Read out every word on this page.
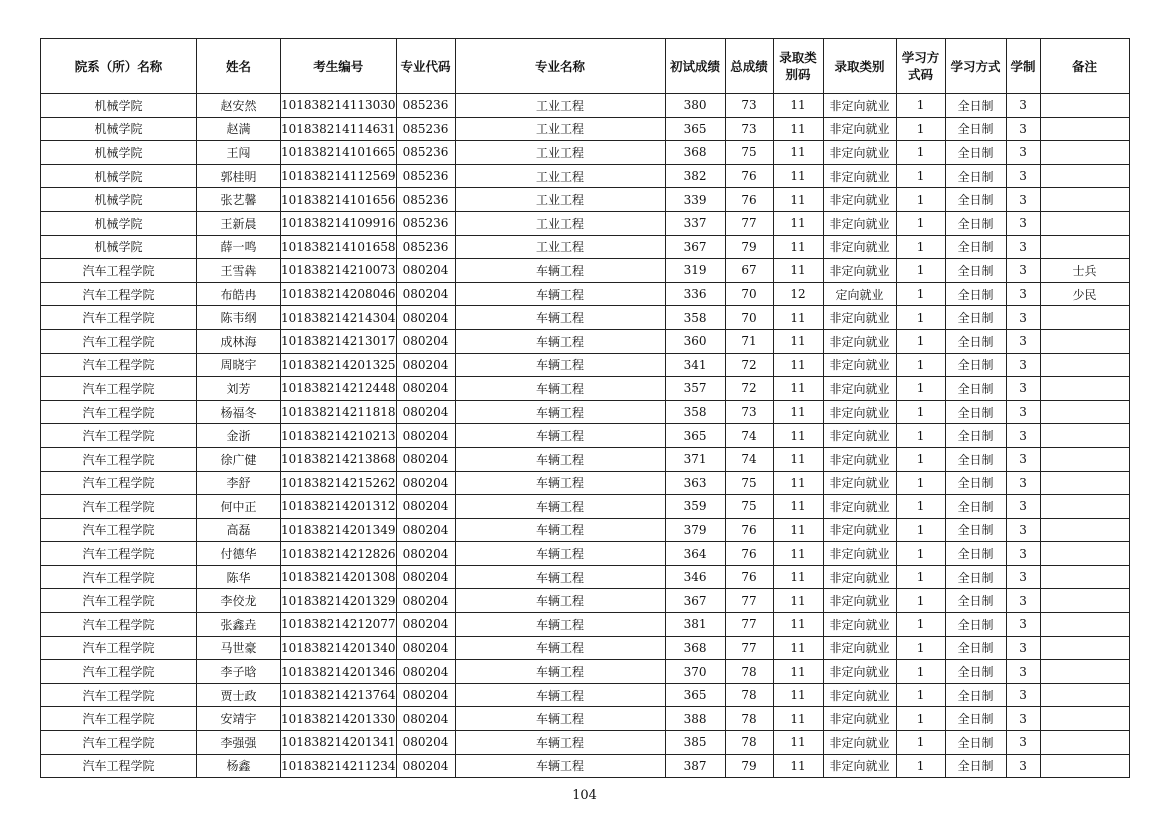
院系（所）名称	姓名	考生编号	专业代码	专业名称	初试成绩	总成绩	录取类别码	录取类别	学习方式码	学习方式	学制	备注
机械学院	赵安然	101838214113030	085236	工业工程	380	73	11	非定向就业	1	全日制	3	
机械学院	赵满	101838214114631	085236	工业工程	365	73	11	非定向就业	1	全日制	3	
机械学院	王闯	101838214101665	085236	工业工程	368	75	11	非定向就业	1	全日制	3	
机械学院	郭桂明	101838214112569	085236	工业工程	382	76	11	非定向就业	1	全日制	3	
机械学院	张艺馨	101838214101656	085236	工业工程	339	76	11	非定向就业	1	全日制	3	
机械学院	王新晨	101838214109916	085236	工业工程	337	77	11	非定向就业	1	全日制	3	
机械学院	薛一鸣	101838214101658	085236	工业工程	367	79	11	非定向就业	1	全日制	3	
汽车工程学院	王雪犇	101838214210073	080204	车辆工程	319	67	11	非定向就业	1	全日制	3	士兵
汽车工程学院	布皓冉	101838214208046	080204	车辆工程	336	70	12	定向就业	1	全日制	3	少民
汽车工程学院	陈韦纲	101838214214304	080204	车辆工程	358	70	11	非定向就业	1	全日制	3	
汽车工程学院	成林海	101838214213017	080204	车辆工程	360	71	11	非定向就业	1	全日制	3	
汽车工程学院	周晓宇	101838214201325	080204	车辆工程	341	72	11	非定向就业	1	全日制	3	
汽车工程学院	刘芳	101838214212448	080204	车辆工程	357	72	11	非定向就业	1	全日制	3	
汽车工程学院	杨福冬	101838214211818	080204	车辆工程	358	73	11	非定向就业	1	全日制	3	
汽车工程学院	金浙	101838214210213	080204	车辆工程	365	74	11	非定向就业	1	全日制	3	
汽车工程学院	徐广健	101838214213868	080204	车辆工程	371	74	11	非定向就业	1	全日制	3	
汽车工程学院	李舒	101838214215262	080204	车辆工程	363	75	11	非定向就业	1	全日制	3	
汽车工程学院	何中正	101838214201312	080204	车辆工程	359	75	11	非定向就业	1	全日制	3	
汽车工程学院	高磊	101838214201349	080204	车辆工程	379	76	11	非定向就业	1	全日制	3	
汽车工程学院	付德华	101838214212826	080204	车辆工程	364	76	11	非定向就业	1	全日制	3	
汽车工程学院	陈华	101838214201308	080204	车辆工程	346	76	11	非定向就业	1	全日制	3	
汽车工程学院	李佼龙	101838214201329	080204	车辆工程	367	77	11	非定向就业	1	全日制	3	
汽车工程学院	张鑫垚	101838214212077	080204	车辆工程	381	77	11	非定向就业	1	全日制	3	
汽车工程学院	马世豪	101838214201340	080204	车辆工程	368	77	11	非定向就业	1	全日制	3	
汽车工程学院	李子晗	101838214201346	080204	车辆工程	370	78	11	非定向就业	1	全日制	3	
汽车工程学院	贾士政	101838214213764	080204	车辆工程	365	78	11	非定向就业	1	全日制	3	
汽车工程学院	安靖宇	101838214201330	080204	车辆工程	388	78	11	非定向就业	1	全日制	3	
汽车工程学院	李强强	101838214201341	080204	车辆工程	385	78	11	非定向就业	1	全日制	3	
汽车工程学院	杨鑫	101838214211234	080204	车辆工程	387	79	11	非定向就业	1	全日制	3	
104
